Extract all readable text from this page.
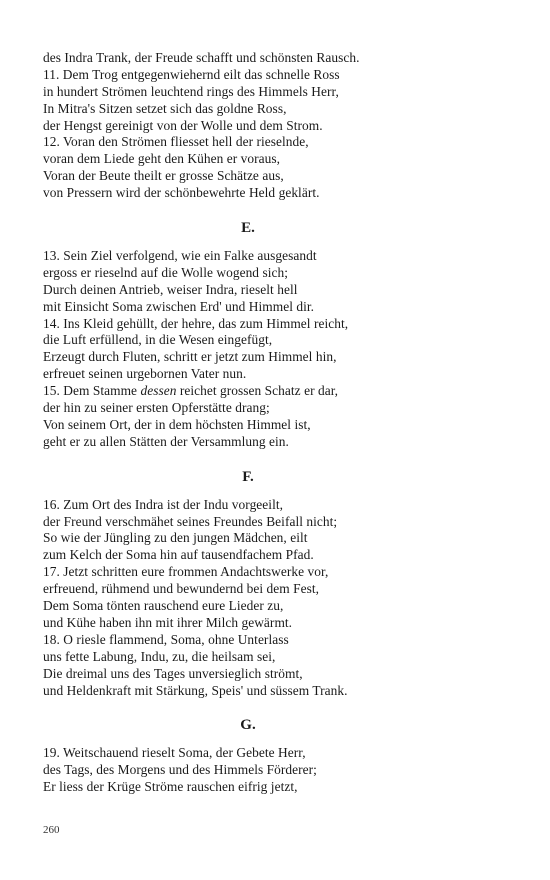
des Indra Trank, der Freude schafft und schönsten Rausch.
11. Dem Trog entgegenwiehernd eilt das schnelle Ross
in hundert Strömen leuchtend rings des Himmels Herr,
In Mitra's Sitzen setzet sich das goldne Ross,
der Hengst gereinigt von der Wolle und dem Strom.
12. Voran den Strömen fliesset hell der rieselnde,
voran dem Liede geht den Kühen er voraus,
Voran der Beute theilt er grosse Schätze aus,
von Pressern wird der schönbewehrte Held geklärt.
E.
13. Sein Ziel verfolgend, wie ein Falke ausgesandt
ergoss er rieselnd auf die Wolle wogend sich;
Durch deinen Antrieb, weiser Indra, rieselt hell
mit Einsicht Soma zwischen Erd' und Himmel dir.
14. Ins Kleid gehüllt, der hehre, das zum Himmel reicht,
die Luft erfüllend, in die Wesen eingefügt,
Erzeugt durch Fluten, schritt er jetzt zum Himmel hin,
erfreuet seinen urgebornen Vater nun.
15. Dem Stamme dessen reichet grossen Schatz er dar,
der hin zu seiner ersten Opferstätte drang;
Von seinem Ort, der in dem höchsten Himmel ist,
geht er zu allen Stätten der Versammlung ein.
F.
16. Zum Ort des Indra ist der Indu vorgeeilt,
der Freund verschmähet seines Freundes Beifall nicht;
So wie der Jüngling zu den jungen Mädchen, eilt
zum Kelch der Soma hin auf tausendfachem Pfad.
17. Jetzt schritten eure frommen Andachtswerke vor,
erfreuend, rühmend und bewundernd bei dem Fest,
Dem Soma tönten rauschend eure Lieder zu,
und Kühe haben ihn mit ihrer Milch gewärmt.
18. O riesle flammend, Soma, ohne Unterlass
uns fette Labung, Indu, zu, die heilsam sei,
Die dreimal uns des Tages unversieglich strömt,
und Heldenkraft mit Stärkung, Speis' und süssem Trank.
G.
19. Weitschauend rieselt Soma, der Gebete Herr,
des Tags, des Morgens und des Himmels Förderer;
Er liess der Krüge Ströme rauschen eifrig jetzt,
260
